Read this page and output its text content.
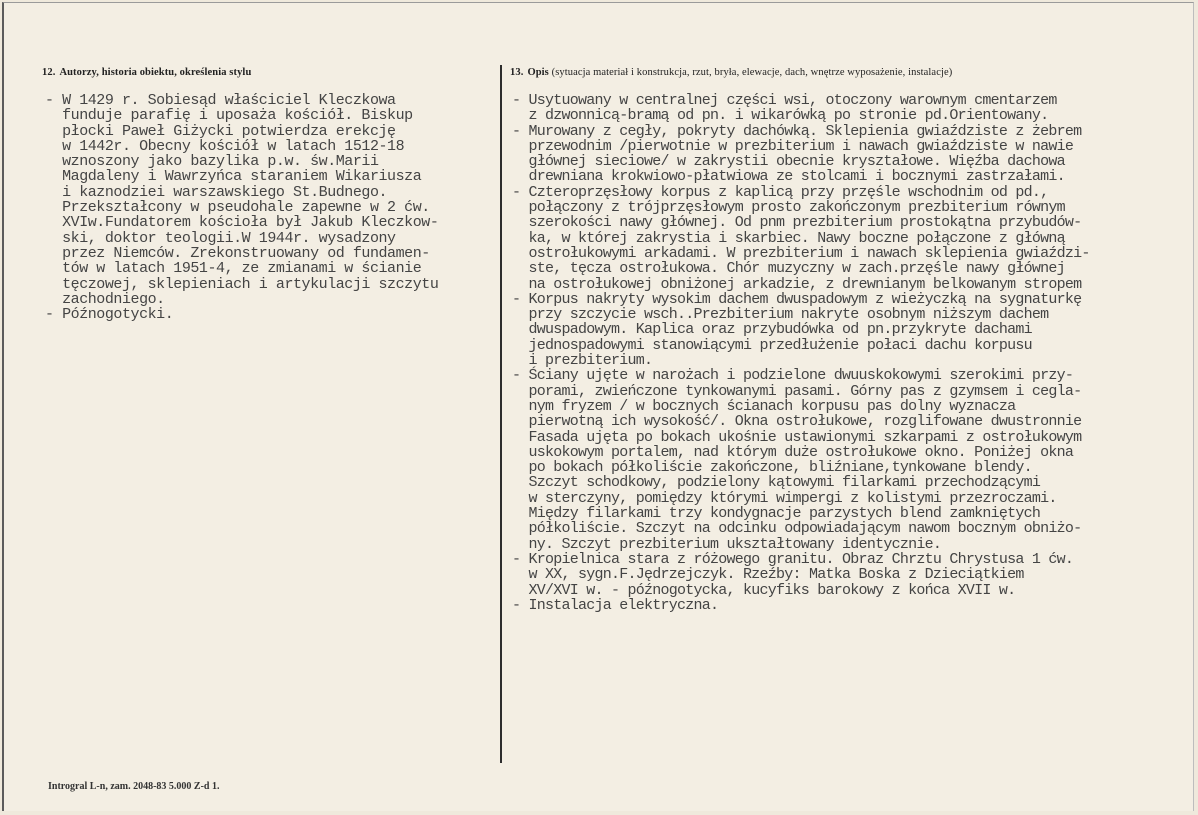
12. Autorzy, historia obiektu, określenia stylu	13. Opis (sytuacja materiał i konstrukcja, rzut, bryła, elewacje, dach, wnętrze wyposażenie, instalacje)
- W 1429 r. Sobiesąd właściciel Kleczkowa
funduje parafię i uposaża kościół. Biskup
płocki Paweł Giżycki potwierdza erekcję
w 1442r. Obecny kościół w latach 1512-18
wznoszony jako bazylika p.w. św.Marii
Magdaleny i Wawrzyńca staraniem Wikariusza
i kaznodziei warszawskiego St.Budnego.
Przekształcony w pseudohale zapewne w 2 ćw.
XVIw.Fundatorem kościoła był Jakub Kleczkow-
ski, doktor teologii.W 1944r. wysadzony
przez Niemców. Zrekonstruowany od fundamen-
tów w latach 1951-4, ze zmianami w ścianie
tęczowej, sklepieniach i artykulacji szczytu
zachodniego.
- Późnogotycki.
- Usytuowany w centralnej części wsi, otoczony warownym cmentarzem
z dzwonnicą-bramą od pn. i wikarówką po stronie pd.Orientowany.
- Murowany z cegły, pokryty dachówką. Sklepienia gwiaździste z żebrem
przewodnim /pierwotnie w prezbiterium i nawach gwiaździste w nawie
głównej sieciowe/ w zakrystii obecnie kryształowe. Więźba dachowa
drewniana krokwiowo-płatwiowa ze stolcami i bocznymi zastrzałami.
- Czteroprzęsłowy korpus z kaplicą przy przęśle wschodnim od pd.,
połączony z trójprzęsłowym prosto zakończonym prezbiterium równym
szerokości nawy głównej. Od pnm prezbiterium prostokątna przybudów-
ka, w której zakrystia i skarbiec. Nawy boczne połączone z główną
ostrołukowymi arkadami. W prezbiterium i nawach sklepienia gwiaździ-
ste, tęcza ostrołukowa. Chór muzyczny w zach.przęśle nawy głównej
na ostrołukowej obniżonej arkadzie, z drewnianym belkowanym stropem
- Korpus nakryty wysokim dachem dwuspadowym z wieżyczką na sygnaturkę
przy szczycie wsch..Prezbiterium nakryte osobnym niższym dachem
dwuspadowym. Kaplica oraz przybudówka od pn.przykryte dachami
jednospadowymi stanowiącymi przedłużenie połaci dachu korpusu
i prezbiterium.
- Ściany ujęte w narożach i podzielone dwuuskokowymi szerokimi przy-
porami, zwieńczone tynkowanymi pasami. Górny pas z gzymsem i cegla-
nym fryzem / w bocznych ścianach korpusu pas dolny wyznacza
pierwotną ich wysokość/. Okna ostrołukowe, rozglifowane dwustronnie
Fasada ujęta po bokach ukośnie ustawionymi szkarpami z ostrołukowym
uskokowym portalem, nad którym duże ostrołukowe okno. Poniżej okna
po bokach półkoliście zakończone, bliźniane,tynkowane blendy.
Szczyt schodkowy, podzielony kątowymi filarkami przechodzącymi
w sterczyny, pomiędzy którymi wimpergi z kolistymi przezroczami.
Między filarkami trzy kondygnacje parzystych blend zamkniętych
półkoliście. Szczyt na odcinku odpowiadającym nawom bocznym obniżo-
ny. Szczyt prezbiterium ukształtowany identycznie.
- Kropielnica stara z różowego granitu. Obraz Chrztu Chrystusa 1 ćw.
w XX, sygn.F.Jędrzejczyk. Rzeźby: Matka Boska z Dzieciątkiem
XV/XVI w. - późnogotycka, kucyfiks barokowy z końca XVII w.
- Instalacja elektryczna.
Introgral L-n, zam. 2048-83 5.000 Z-d 1.
